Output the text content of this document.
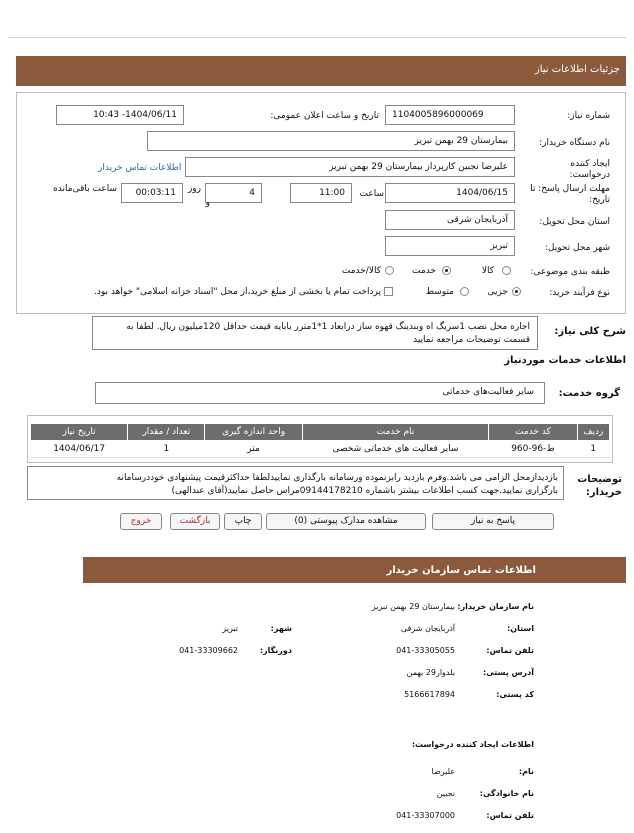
جزئیات اطلاعات نیاز
شماره نیاز:
1104005896000069
تاریخ و ساعت اعلان عمومی:
1404/06/11- 10:43
نام دستگاه خریدار:
بیمارستان 29 بهمن تبریز
ایجاد کننده
درخواست:
علیرضا نجبین کارپرداز بیمارستان 29 بهمن تبریز
اطلاعات تماس خریدار
مهلت ارسال پاسخ: تا
تاریخ:
1404/06/15
ساعت
11:00
4
روز
و
00:03:11
ساعت باقی‌مانده
استان محل تحویل:
آذربایجان شرقی
شهر محل تحویل:
تبریز
طبقه بندی موضوعی:
کالا
خدمت
کالا/خدمت
نوع فرآیند خرید:
جزیی
متوسط
پرداخت تمام یا بخشی از مبلغ خرید،از محل "اسناد خزانه اسلامی" خواهد بود.
شرح کلی نیاز:
اجاره محل نصب 1سریگ اه وبندینگ قهوه ساز درابعاد 1*1مترر بابایه قیمت حداقل 120میلیون ریال. لطفا به
قسمت توضیحات مراجعه نمایید
اطلاعات خدمات موردنیاز
گروه خدمت:
سایر فعالیت‌های خدماتی
ردیف	کد خدمت	نام خدمت	واحد اندازه گیری	تعداد / مقدار	تاریخ نیاز
1	ط-96-960	سایر فعالیت های خدماتی شخصی	متر	1	1404/06/17
توضیحات
خریدار:
بازدیدازمحل الزامی می باشد.وفرم بازدید رابزنموده ورسامانه بارگذاری نماییدلطفا حداکثرقیمت پیشنهادی خوددرسامانه
بارگزاری نمایید.جهت کسب اطلاعات بیشتر باشماره 09144178210مراس حاصل نمایید(آقای عبدالهی)
پاسخ به نیاز
مشاهده مدارک پیوستی (0)
چاپ
بازگشت
خروج
اطلاعات تماس سازمان خریدار
نام سازمان خریدار:
بیمارستان 29 بهمن تبریز
استان:
آذربایجان شرقی
شهر:
تبریز
تلفن تماس:
041-33305055
دورنگار:
041-33309662
آدرس پستی:
بلدوار29 بهمن
کد پستی:
5166617894
اطلاعات ایجاد کننده درخواست:
نام:
علیرضا
نام خانوادگی:
نجبین
تلفن تماس:
041-33307000
